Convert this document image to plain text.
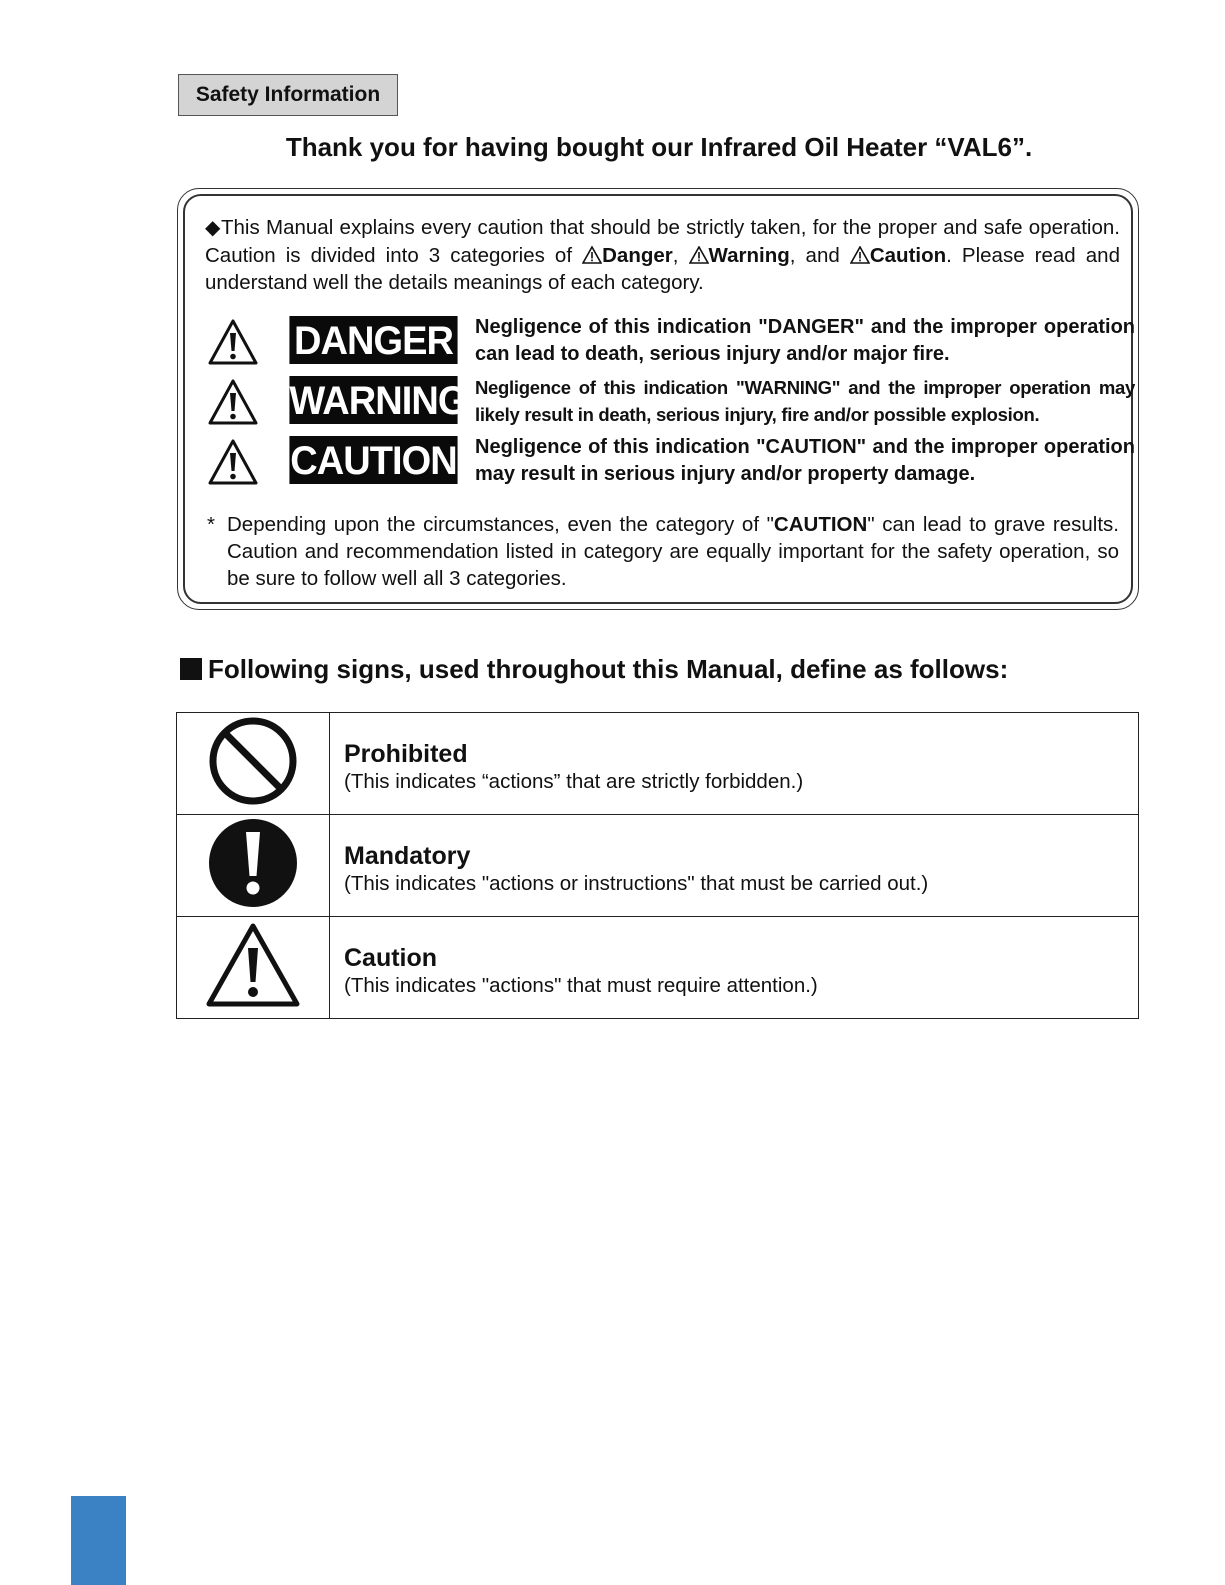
Safety Information
Thank you for having bought our Infrared Oil Heater “VAL6”.
◆This Manual explains every caution that should be strictly taken, for the proper and safe operation. Caution is divided into 3 categories of Danger, Warning, and Caution. Please read and understand well the details meanings of each category.
DANGER Negligence of this indication "DANGER" and the improper operation can lead to death, serious injury and/or major fire.
WARNING Negligence of this indication "WARNING" and the improper operation may likely result in death, serious injury, fire and/or possible explosion.
CAUTION Negligence of this indication "CAUTION" and the improper operation may result in serious injury and/or property damage.
* Depending upon the circumstances, even the category of "CAUTION" can lead to grave results. Caution and recommendation listed in category are equally important for the safety operation, so be sure to follow well all 3 categories.
Following signs, used throughout this Manual, define as follows:

Prohibited
(This indicates “actions” that are strictly forbidden.)

Mandatory
(This indicates "actions or instructions" that must be carried out.)

Caution
(This indicates "actions" that must require attention.)
